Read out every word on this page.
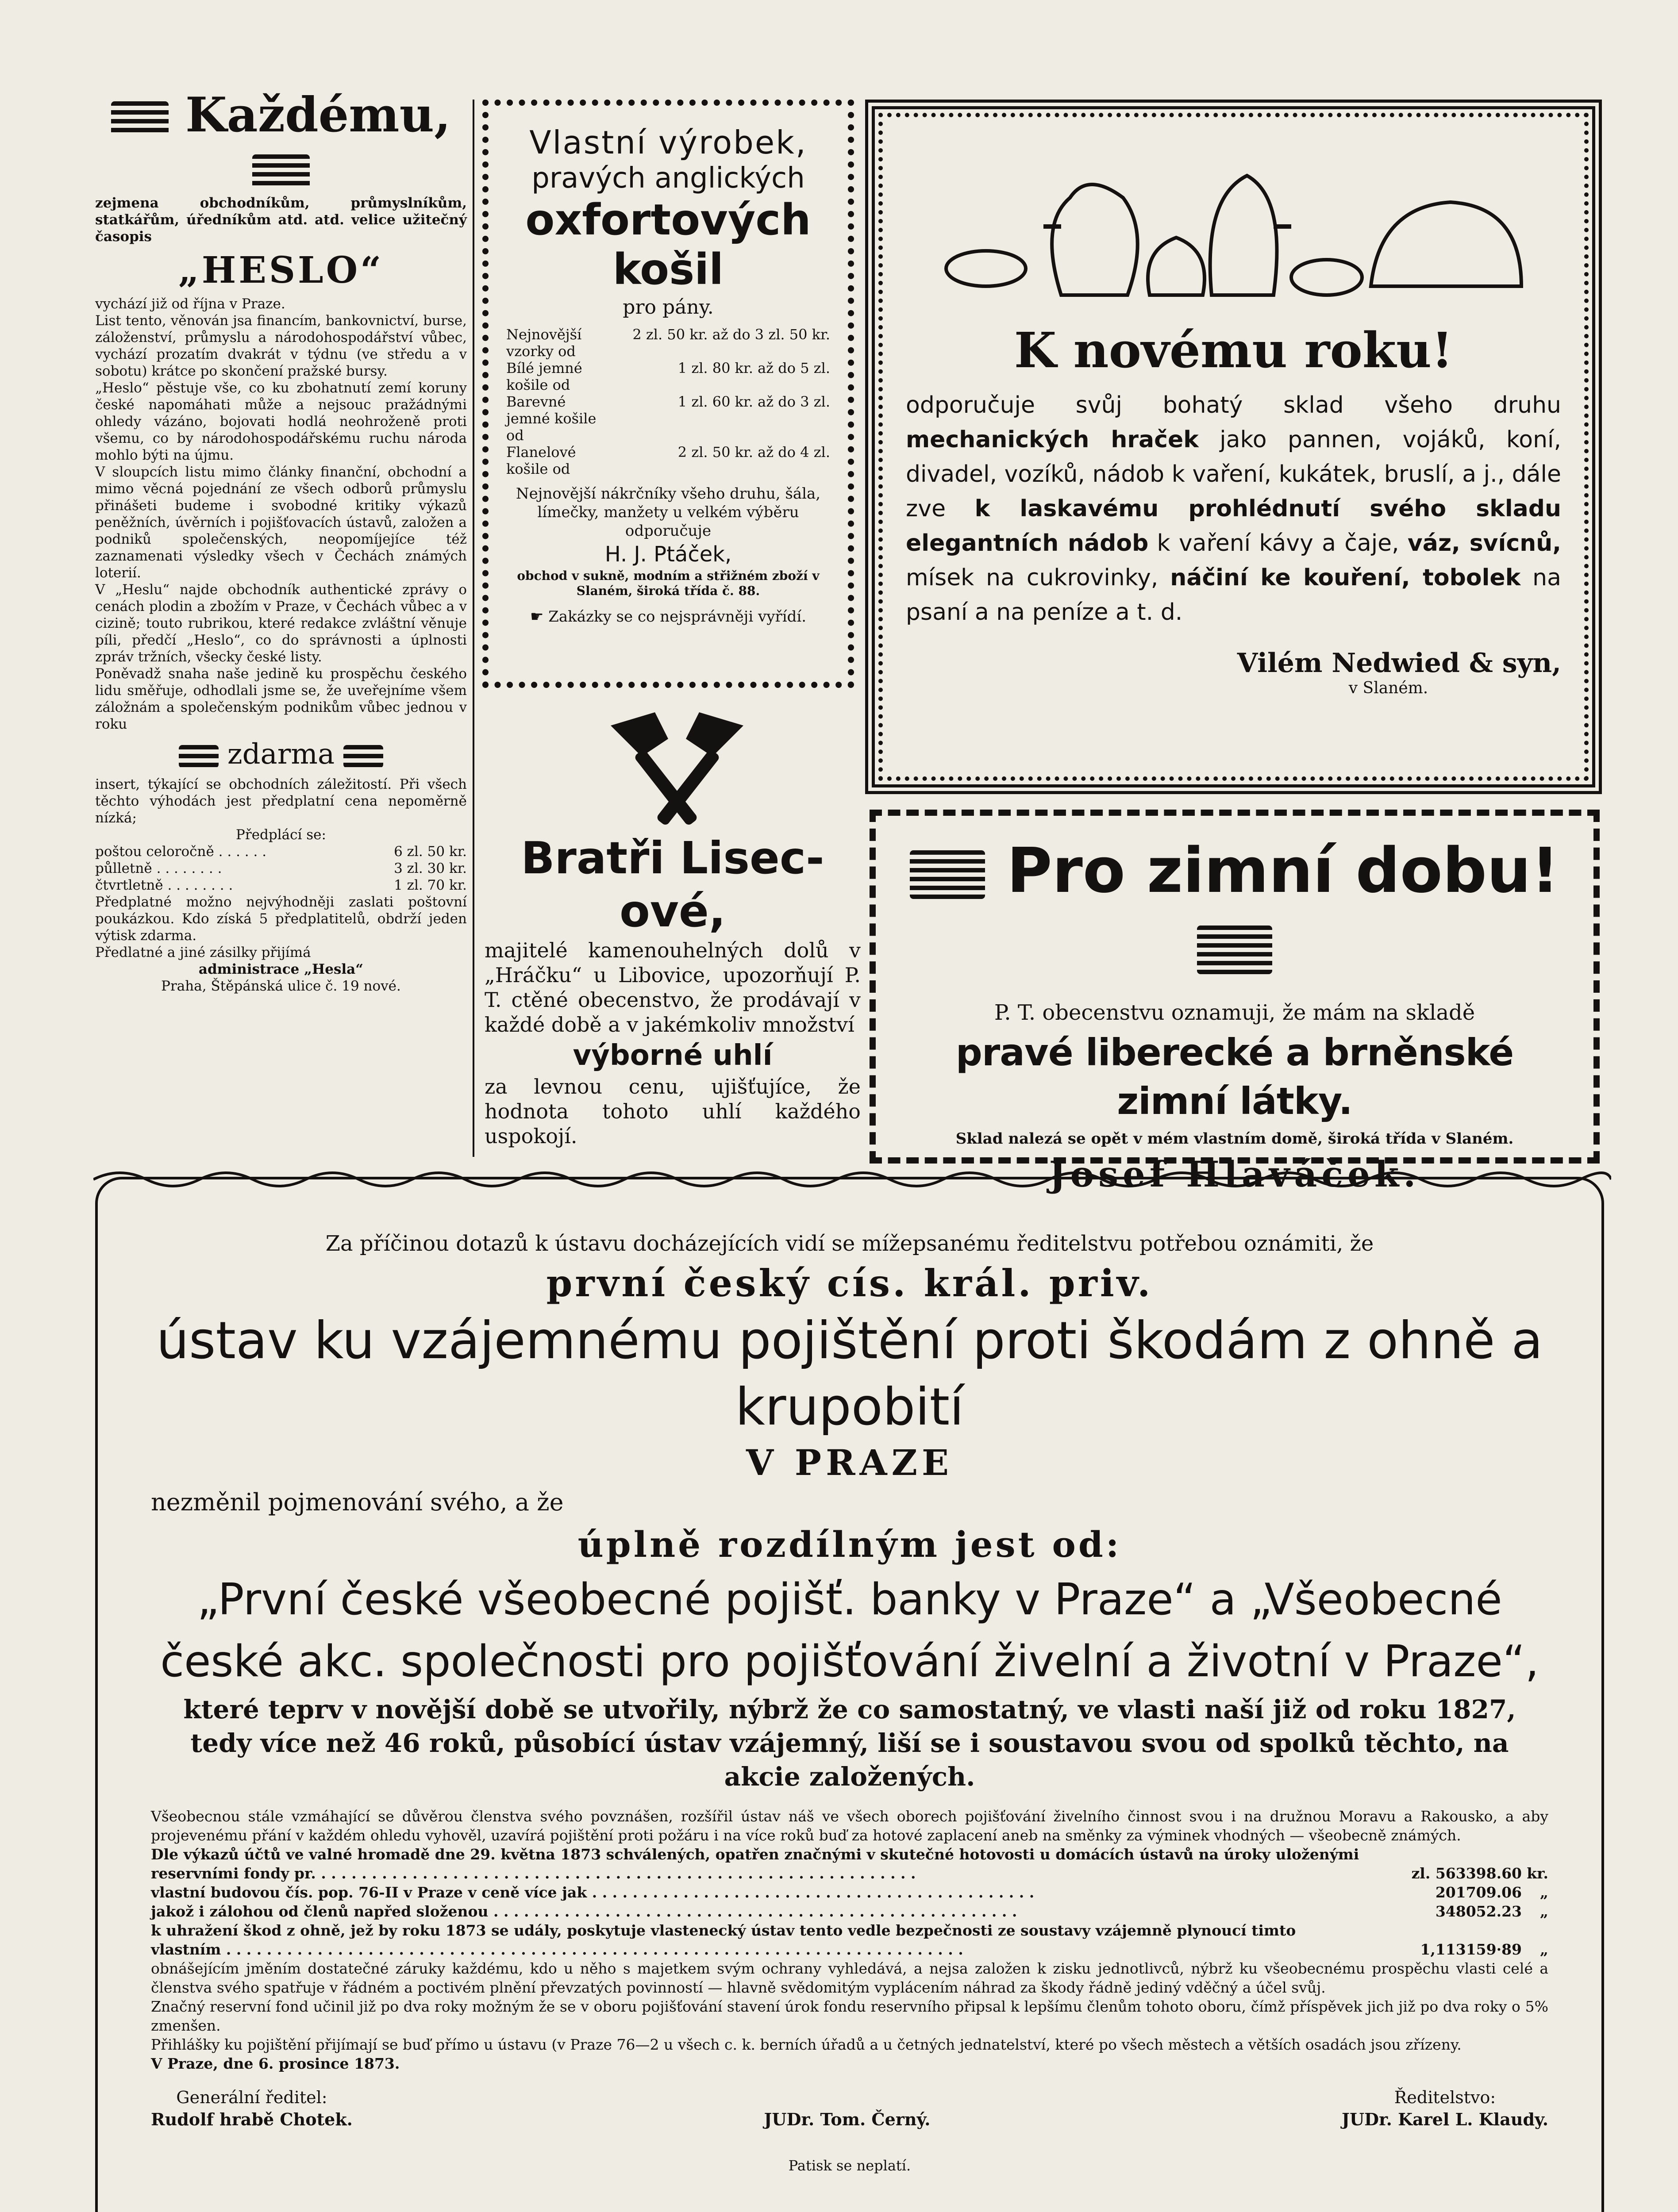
Každému,

zejmena obchodníkům, průmyslníkům, statkářům, úředníkům atd. atd. velice užitečný časopis

„HESLO“

vychází již od října v Praze.

List tento, věnován jsa financím, bankovnictví, burse, záloženství, průmyslu a národohospodářství vůbec, vychází prozatím dvakrát v týdnu (ve středu a v sobotu) krátce po skončení pražské bursy.

„Heslo“ pěstuje vše, co ku zbohatnutí zemí koruny české napomáhati může a nejsouc pražádnými ohledy vázáno, bojovati hodlá neohroženě proti všemu, co by národohospodářskému ruchu národa mohlo býti na újmu.

V sloupcích listu mimo články finanční, obchodní a mimo věcná pojednání ze všech odborů průmyslu přinášeti budeme i svobodné kritiky výkazů peněžních, úvěrních i pojišťovacích ústavů, založen a podniků společenských, neopomíjejíce též zaznamenati výsledky všech v Čechách známých loterií.

V „Heslu“ najde obchodník authentické zprávy o cenách plodin a zbožím v Praze, v Čechách vůbec a v cizině; touto rubrikou, které redakce zvláštní věnuje píli, předčí „Heslo“, co do správnosti a úplnosti zpráv tržních, všecky české listy.

Poněvadž snaha naše jedině ku prospěchu českého lidu směřuje, odhodlali jsme se, že uveřejníme všem záložnám a společenským podnikům vůbec jednou v roku

zdarma

insert, týkající se obchodních záležitostí. Při všech těchto výhodách jest předplatní cena nepoměrně nízká;

Předplácí se:

poštou celoročně . . . . . .	6 zl. 50 kr.
půlletně . . . . . . . .	3 zl. 30 kr.
čtvrtletně . . . . . . . .	1 zl. 70 kr.

Předplatné možno nejvýhodněji zaslati poštovní poukázkou. Kdo získá 5 předplatitelů, obdrží jeden výtisk zdarma.

Předlatné a jiné zásilky přijímá

administrace „Hesla“

Praha, Štěpánská ulice č. 19 nové.

Vlastní výrobek,
pravých anglických
oxfortových košil
pro pány.
Nejnovější vzorky od
2 zl. 50 kr. až do 3 zl. 50 kr.
Bílé jemné košile od
1 zl. 80 kr. až do 5 zl.
Barevné jemné košile od
1 zl. 60 kr. až do 3 zl.
Flanelové košile od
2 zl. 50 kr. až do 4 zl.

Nejnovější nákrčníky všeho druhu, šála, límečky, manžety u velkém výběru odporučuje

H. J. Ptáček,

obchod v sukně, modním a střižném zboží v Slaném, široká třída č. 88.

☛ Zakázky se co nejsprávněji vyřídí.

Bratři Lisec-ové,

majitelé kamenouhelných dolů v „Hráčku“ u Libovice, upozorňují P. T. ctěné obecenstvo, že prodávají v každé době a v jakémkoliv množství

výborné uhlí

za levnou cenu, ujišťujíce, že hodnota tohoto uhlí každého uspokojí.

K novému roku!
odporučuje svůj bohatý sklad všeho druhu mechanických hraček jako pannen, vojáků, koní, divadel, vozíků, nádob k vaření, kukátek, bruslí, a j., dále zve k laskavému prohlédnutí svého skladu elegantních nádob k vaření kávy a čaje, váz, svícnů, mísek na cukrovinky, náčiní ke kouření, tobolek na psaní a na peníze a t. d.
Vilém Nedwied & syn,
v Slaném.
Pro zimní dobu!
P. T. obecenstvu oznamuji, že mám na skladě
pravé liberecké a brněnské zimní látky.
Sklad nalezá se opět v mém vlastním domě, široká třída v Slaném.
Josef Hlaváček.
Za příčinou dotazů k ústavu docházejících vidí se mížepsanému ředitelstvu potřebou oznámiti, že
první český cís. král. priv.
ústav ku vzájemnému pojištění proti škodám z ohně a krupobití
V PRAZE
nezměnil pojmenování svého, a že
úplně rozdílným jest od:
„První české všeobecné pojišť. banky v Praze“ a „Všeobecné české akc. společnosti pro pojišťování živelní a životní v Praze“,
které teprv v novější době se utvořily, nýbrž že co samostatný, ve vlasti naší již od roku 1827, tedy více než 46 roků, působící ústav vzájemný, liší se i soustavou svou od spolků těchto, na akcie založených.

Všeobecnou stále vzmáhající se důvěrou členstva svého povznášen, rozšířil ústav náš ve všech oborech pojišťování živelního činnost svou i na družnou Moravu a Rakousko, a aby projevenému přání v každém ohledu vyhověl, uzavírá pojištění proti požáru i na více roků buď za hotové zaplacení aneb na směnky za výminek vhodných — všeobecně známých.

Dle výkazů účtů ve valné hromadě dne 29. května 1873 schválených, opatřen značnými v skutečné hotovosti u domácích ústavů na úroky uloženými

reservními fondy pr. . . . . . . . . . . . . . . . . . . . . . . . . . . . . . . . . . . . . . . . . . . . . . . . . . . . . . . . . . . .	zl. 563398.60 kr.
vlastní budovou čís. pop. 76-II v Praze v ceně více jak . . . . . . . . . . . . . . . . . . . . . . . . . . . . . . . . . . . . . . . . . . . .	201709.06	„
jakož i zálohou od členů napřed složenou . . . . . . . . . . . . . . . . . . . . . . . . . . . . . . . . . . . . . . . . . . . . . . . . . . . .	348052.23	„

k uhražení škod z ohně, jež by roku 1873 se udály, poskytuje vlastenecký ústav tento vedle bezpečnosti ze soustavy vzájemně plynoucí timto

vlastním . . . . . . . . . . . . . . . . . . . . . . . . . . . . . . . . . . . . . . . . . . . . . . . . . . . . . . . . . . . . . . . . . . . . . . . . .	1,113159·89	„

obnášejícím jměním dostatečné záruky každému, kdo u něho s majetkem svým ochrany vyhledává, a nejsa založen k zisku jednotlivců, nýbrž ku všeobecnému prospěchu vlasti celé a členstva svého spatřuje v řádném a poctivém plnění převzatých povinností — hlavně svědomitým vyplácením náhrad za škody řádně jediný vděčný a účel svůj.

Značný reservní fond učinil již po dva roky možným že se v oboru pojišťování stavení úrok fondu reservního připsal k lepšímu členům tohoto oboru, čímž příspěvek jich již po dva roky o 5% zmenšen.

Přihlášky ku pojištění přijímají se buď přímo u ústavu (v Praze 76—2 u všech c. k. berních úřadů a u četných jednatelství, které po všech městech a větších osadách jsou zřízeny.

V Praze, dne 6. prosince 1873.

Generální ředitel:
Rudolf hrabě Chotek.
	JUDr. Tom. Černý.
Ředitelstvo:
JUDr. Karel L. Klaudy.
Patisk se neplatí.
